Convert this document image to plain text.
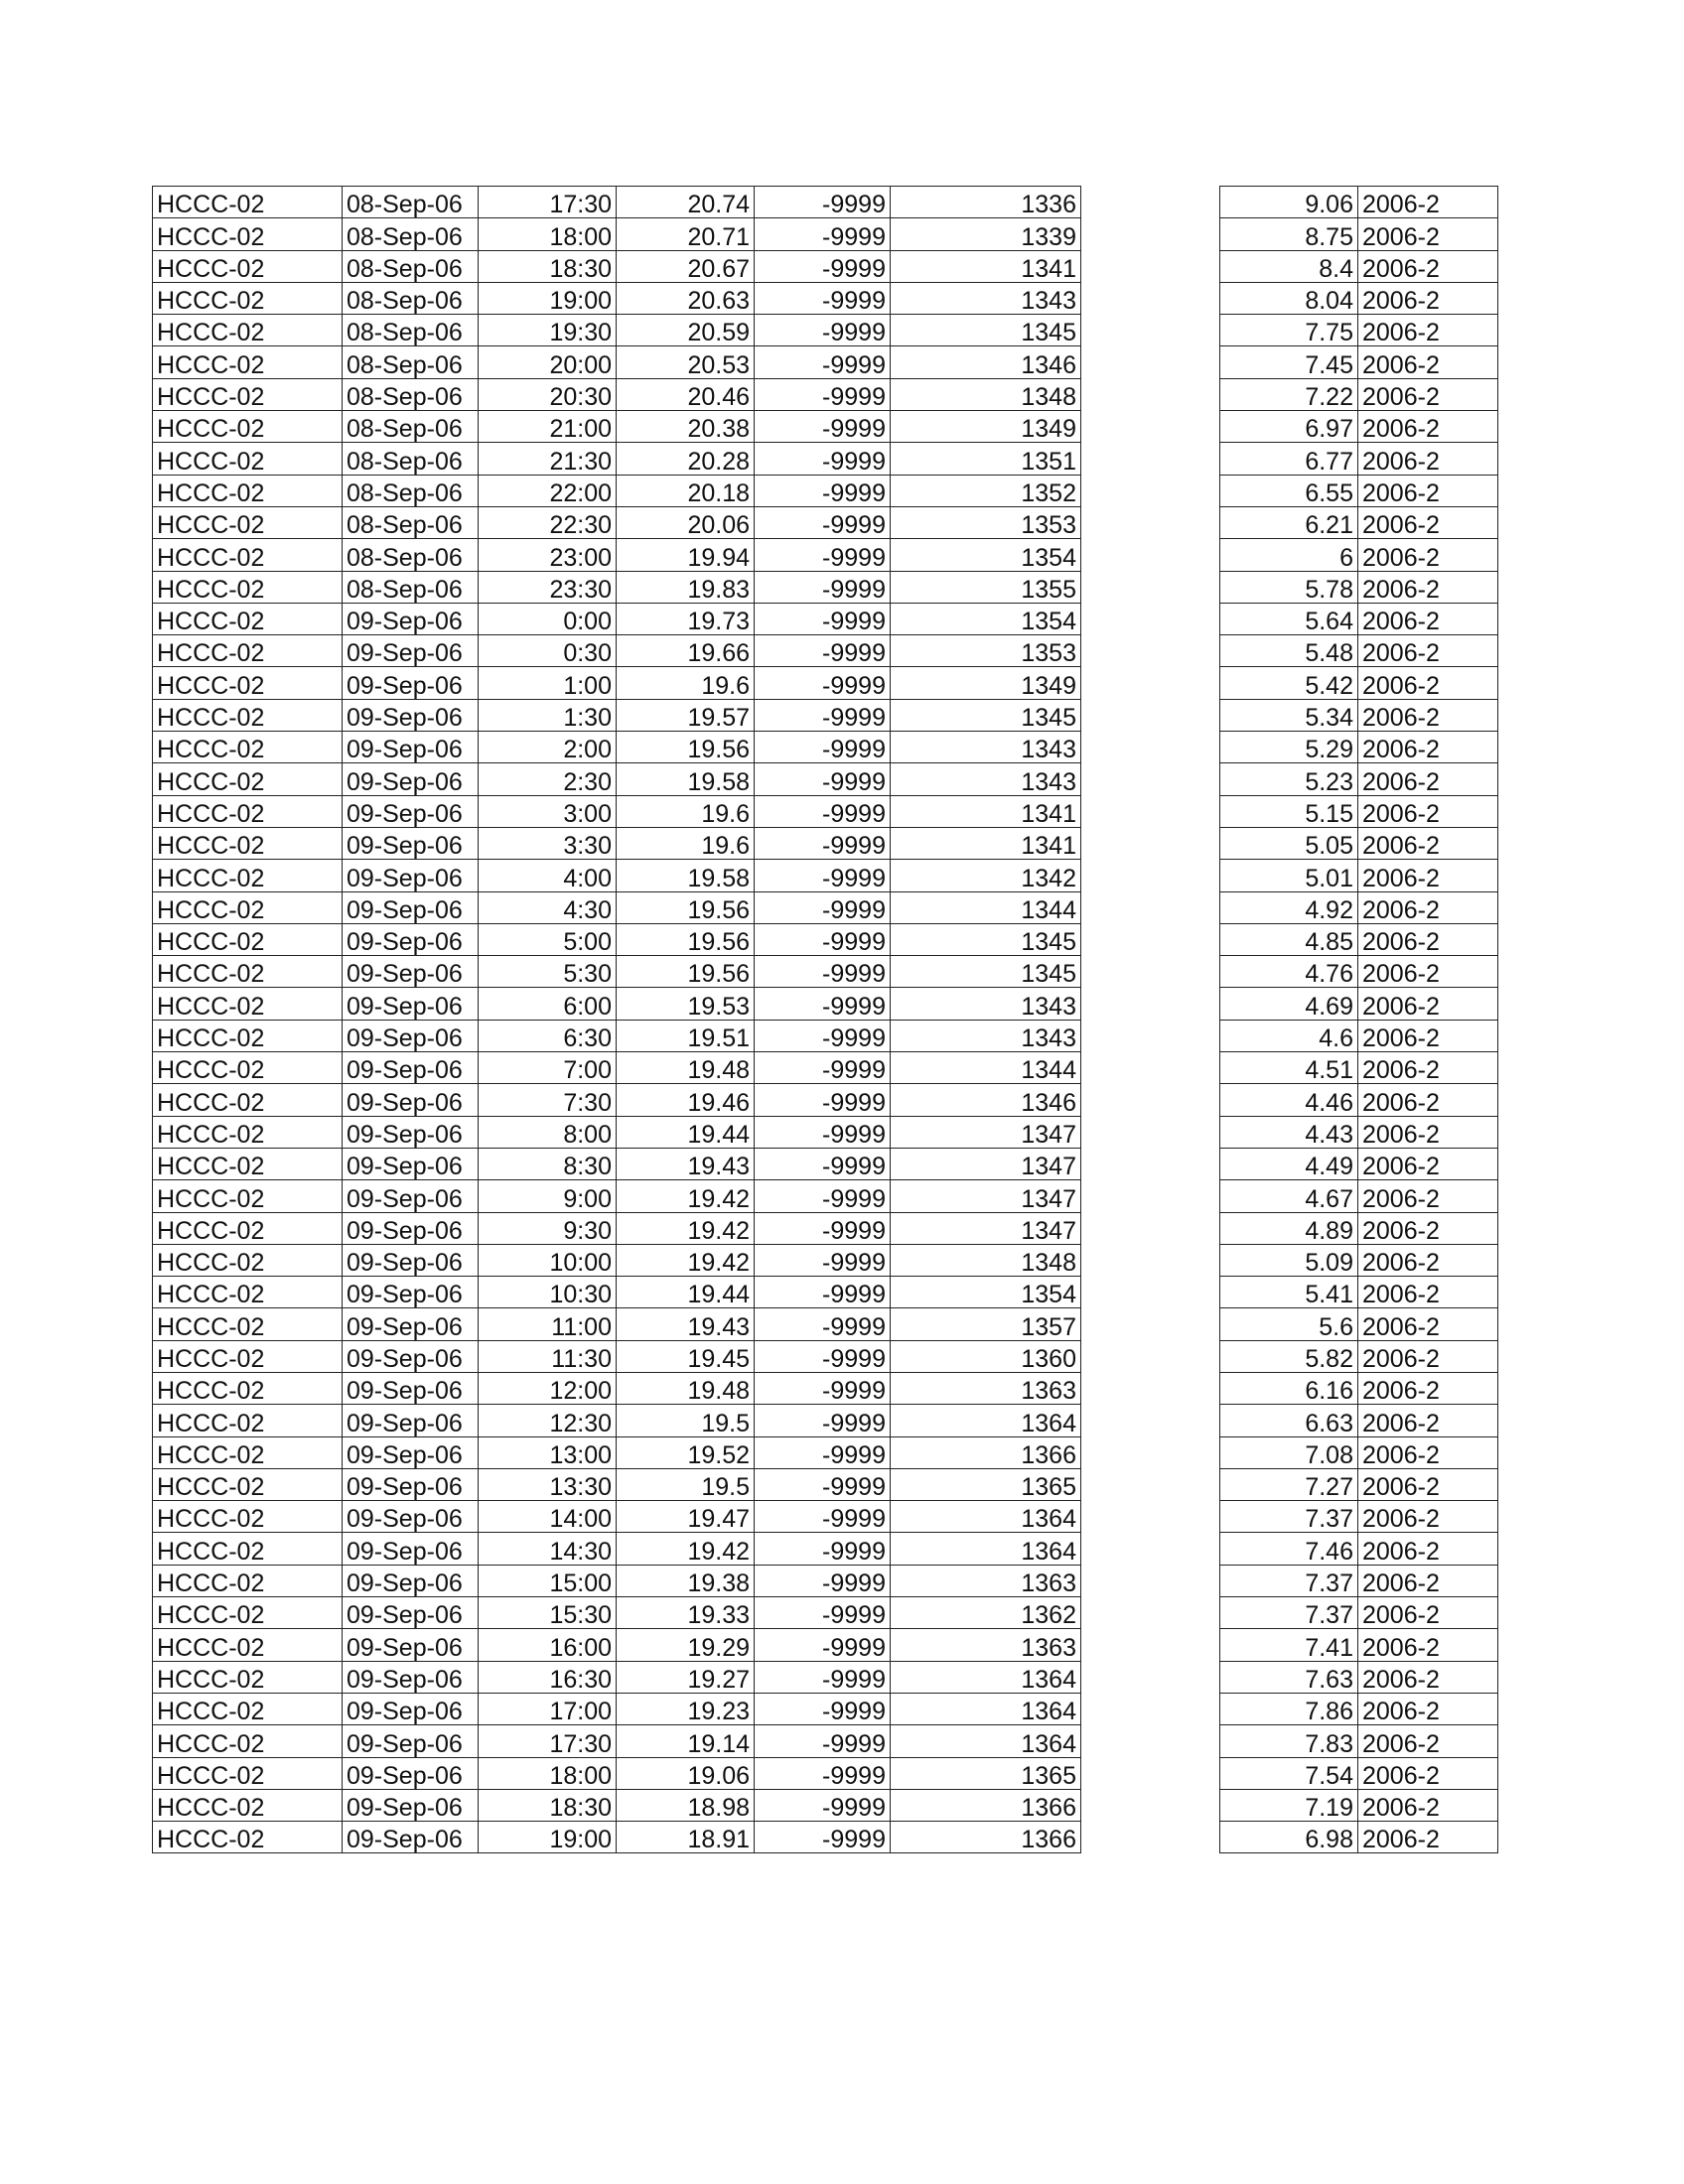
HCCC-02	08-Sep-06	17:30	20.74	-9999	1336
HCCC-02	08-Sep-06	18:00	20.71	-9999	1339
HCCC-02	08-Sep-06	18:30	20.67	-9999	1341
HCCC-02	08-Sep-06	19:00	20.63	-9999	1343
HCCC-02	08-Sep-06	19:30	20.59	-9999	1345
HCCC-02	08-Sep-06	20:00	20.53	-9999	1346
HCCC-02	08-Sep-06	20:30	20.46	-9999	1348
HCCC-02	08-Sep-06	21:00	20.38	-9999	1349
HCCC-02	08-Sep-06	21:30	20.28	-9999	1351
HCCC-02	08-Sep-06	22:00	20.18	-9999	1352
HCCC-02	08-Sep-06	22:30	20.06	-9999	1353
HCCC-02	08-Sep-06	23:00	19.94	-9999	1354
HCCC-02	08-Sep-06	23:30	19.83	-9999	1355
HCCC-02	09-Sep-06	0:00	19.73	-9999	1354
HCCC-02	09-Sep-06	0:30	19.66	-9999	1353
HCCC-02	09-Sep-06	1:00	19.6	-9999	1349
HCCC-02	09-Sep-06	1:30	19.57	-9999	1345
HCCC-02	09-Sep-06	2:00	19.56	-9999	1343
HCCC-02	09-Sep-06	2:30	19.58	-9999	1343
HCCC-02	09-Sep-06	3:00	19.6	-9999	1341
HCCC-02	09-Sep-06	3:30	19.6	-9999	1341
HCCC-02	09-Sep-06	4:00	19.58	-9999	1342
HCCC-02	09-Sep-06	4:30	19.56	-9999	1344
HCCC-02	09-Sep-06	5:00	19.56	-9999	1345
HCCC-02	09-Sep-06	5:30	19.56	-9999	1345
HCCC-02	09-Sep-06	6:00	19.53	-9999	1343
HCCC-02	09-Sep-06	6:30	19.51	-9999	1343
HCCC-02	09-Sep-06	7:00	19.48	-9999	1344
HCCC-02	09-Sep-06	7:30	19.46	-9999	1346
HCCC-02	09-Sep-06	8:00	19.44	-9999	1347
HCCC-02	09-Sep-06	8:30	19.43	-9999	1347
HCCC-02	09-Sep-06	9:00	19.42	-9999	1347
HCCC-02	09-Sep-06	9:30	19.42	-9999	1347
HCCC-02	09-Sep-06	10:00	19.42	-9999	1348
HCCC-02	09-Sep-06	10:30	19.44	-9999	1354
HCCC-02	09-Sep-06	11:00	19.43	-9999	1357
HCCC-02	09-Sep-06	11:30	19.45	-9999	1360
HCCC-02	09-Sep-06	12:00	19.48	-9999	1363
HCCC-02	09-Sep-06	12:30	19.5	-9999	1364
HCCC-02	09-Sep-06	13:00	19.52	-9999	1366
HCCC-02	09-Sep-06	13:30	19.5	-9999	1365
HCCC-02	09-Sep-06	14:00	19.47	-9999	1364
HCCC-02	09-Sep-06	14:30	19.42	-9999	1364
HCCC-02	09-Sep-06	15:00	19.38	-9999	1363
HCCC-02	09-Sep-06	15:30	19.33	-9999	1362
HCCC-02	09-Sep-06	16:00	19.29	-9999	1363
HCCC-02	09-Sep-06	16:30	19.27	-9999	1364
HCCC-02	09-Sep-06	17:00	19.23	-9999	1364
HCCC-02	09-Sep-06	17:30	19.14	-9999	1364
HCCC-02	09-Sep-06	18:00	19.06	-9999	1365
HCCC-02	09-Sep-06	18:30	18.98	-9999	1366
HCCC-02	09-Sep-06	19:00	18.91	-9999	1366
9.06	2006-2
8.75	2006-2
8.4	2006-2
8.04	2006-2
7.75	2006-2
7.45	2006-2
7.22	2006-2
6.97	2006-2
6.77	2006-2
6.55	2006-2
6.21	2006-2
6	2006-2
5.78	2006-2
5.64	2006-2
5.48	2006-2
5.42	2006-2
5.34	2006-2
5.29	2006-2
5.23	2006-2
5.15	2006-2
5.05	2006-2
5.01	2006-2
4.92	2006-2
4.85	2006-2
4.76	2006-2
4.69	2006-2
4.6	2006-2
4.51	2006-2
4.46	2006-2
4.43	2006-2
4.49	2006-2
4.67	2006-2
4.89	2006-2
5.09	2006-2
5.41	2006-2
5.6	2006-2
5.82	2006-2
6.16	2006-2
6.63	2006-2
7.08	2006-2
7.27	2006-2
7.37	2006-2
7.46	2006-2
7.37	2006-2
7.37	2006-2
7.41	2006-2
7.63	2006-2
7.86	2006-2
7.83	2006-2
7.54	2006-2
7.19	2006-2
6.98	2006-2
